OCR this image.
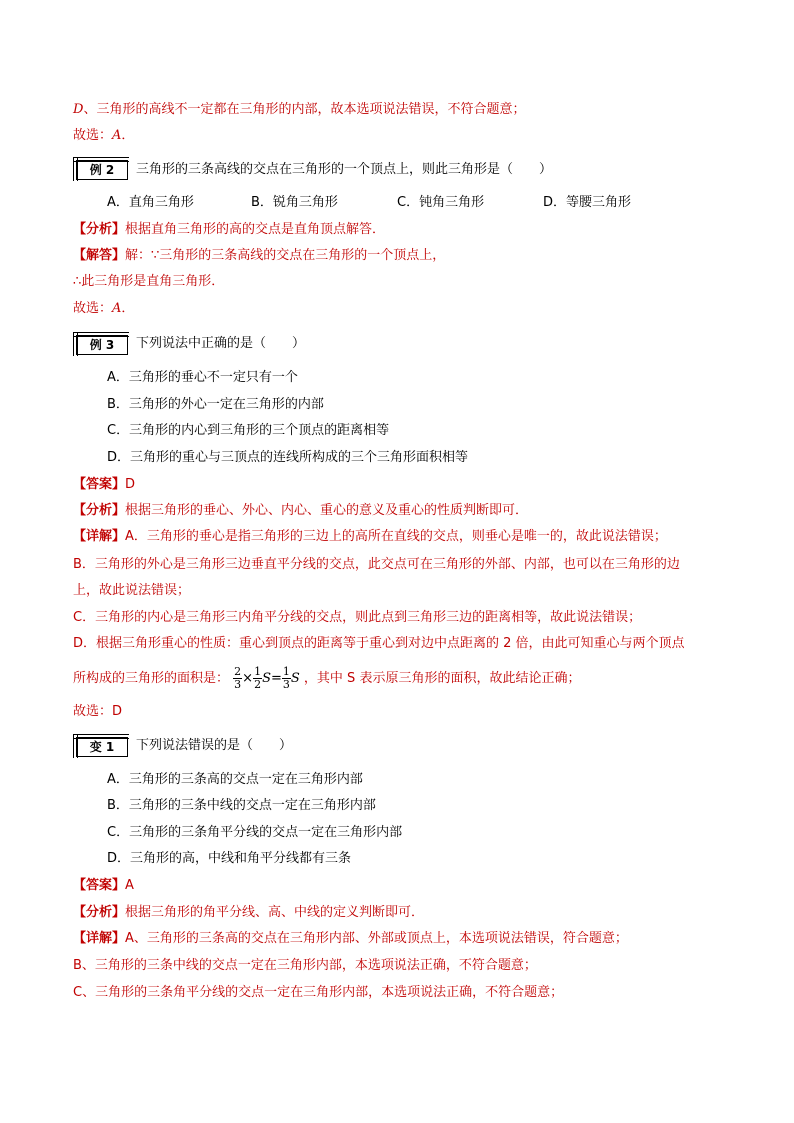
D、三角形的高线不一定都在三角形的内部，故本选项说法错误，不符合题意；
故选：A．
例 2	三角形的三条高线的交点在三角形的一个顶点上，则此三角形是（　　）
A．直角三角形	B．锐角三角形	C．钝角三角形	D．等腰三角形
【分析】根据直角三角形的高的交点是直角顶点解答．
【解答】解：∵三角形的三条高线的交点在三角形的一个顶点上，
∴此三角形是直角三角形．
故选：A．
例 3	下列说法中正确的是（　　）
A．三角形的垂心不一定只有一个
B．三角形的外心一定在三角形的内部
C．三角形的内心到三角形的三个顶点的距离相等
D．三角形的重心与三顶点的连线所构成的三个三角形面积相等
【答案】D
【分析】根据三角形的垂心、外心、内心、重心的意义及重心的性质判断即可．
【详解】A．三角形的垂心是指三角形的三边上的高所在直线的交点，则垂心是唯一的，故此说法错误；
B．三角形的外心是三角形三边垂直平分线的交点，此交点可在三角形的外部、内部，也可以在三角形的边
上，故此说法错误；
C．三角形的内心是三角形三内角平分线的交点，则此点到三角形三边的距离相等，故此说法错误；
D．根据三角形重心的性质：重心到顶点的距离等于重心到对边中点距离的 2 倍，由此可知重心与两个顶点
所构成的三角形的面积是： $\frac{2}{3} \times \frac{1}{2} S= \frac{1}{3}$ S ，其中 S 表示原三角形的面积，故此结论正确；
故选：D
变 1	下列说法错误的是（　　）
A．三角形的三条高的交点一定在三角形内部
B．三角形的三条中线的交点一定在三角形内部
C．三角形的三条角平分线的交点一定在三角形内部
D．三角形的高，中线和角平分线都有三条
【答案】A
【分析】根据三角形的角平分线、高、中线的定义判断即可．
【详解】A、三角形的三条高的交点在三角形内部、外部或顶点上，本选项说法错误，符合题意；
B、三角形的三条中线的交点一定在三角形内部，本选项说法正确，不符合题意；
C、三角形的三条角平分线的交点一定在三角形内部，本选项说法正确，不符合题意；
